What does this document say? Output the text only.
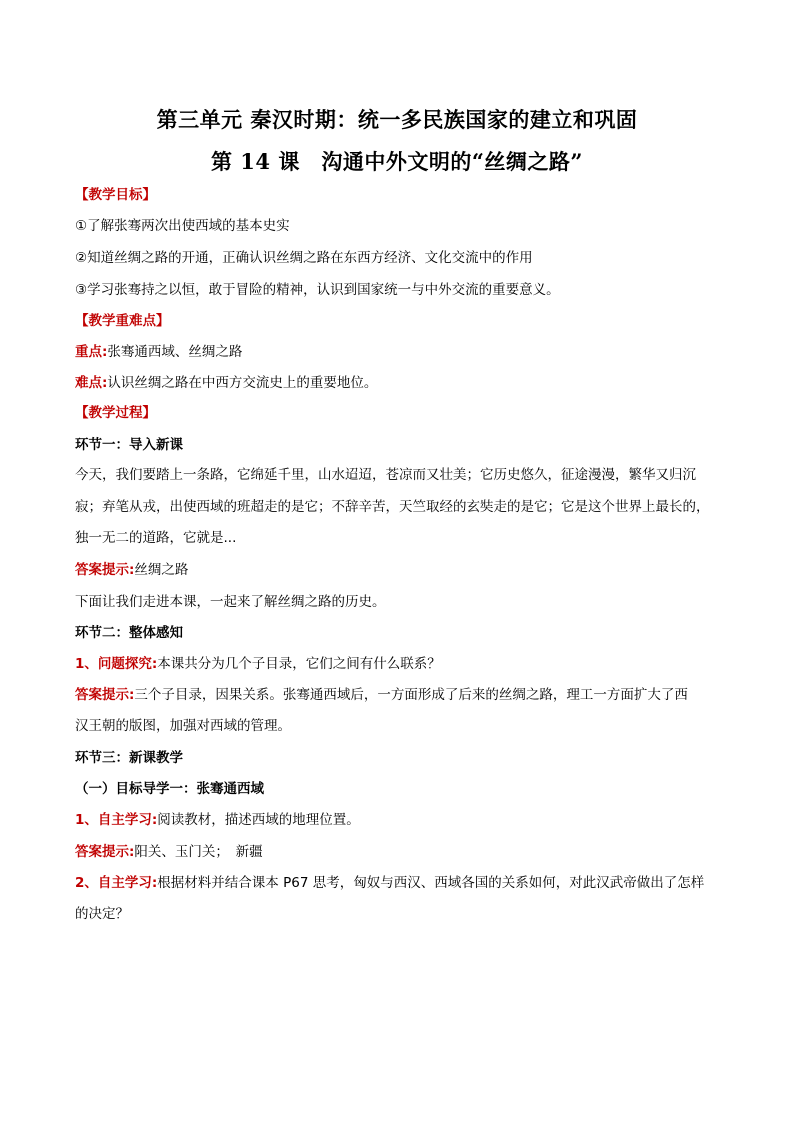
第三单元 秦汉时期：统一多民族国家的建立和巩固
第 14 课　沟通中外文明的“丝绸之路”
【 教学目标 】
①了解张骞两次出使西域的基本史实
②知道丝绸之路的开通，正确认识丝绸之路在东西方经济、文化交流中的作用
③学习张骞持之以恒，敢于冒险的精神，认识到国家统一与中外交流的重要意义。
【 教学重难点 】
重点:张骞通西域、丝绸之路
难点:认识丝绸之路在中西方交流史上的重要地位。
【 教学过程 】
环节一：导入新课
今天，我们要踏上一条路，它绵延千里，山水迢迢，苍凉而又壮美；它历史悠久，征途漫漫，繁华又归沉
寂；弃笔从戎，出使西域的班超走的是它；不辞辛苦，天竺取经的玄奘走的是它；它是这个世界上最长的，
独一无二的道路，它就是...
答案提示:丝绸之路
下面让我们走进本课，一起来了解丝绸之路的历史。
环节二：整体感知
1、问题探究:本课共分为几个子目录，它们之间有什么联系？
答案提示:三个子目录，因果关系。张骞通西域后，一方面形成了后来的丝绸之路，理工一方面扩大了西
汉王朝的版图，加强对西域的管理。
环节三：新课教学
（一）目标导学一：张骞通西域
1、自主学习:阅读教材，描述西域的地理位置。
答案提示:阳关、玉门关；　新疆
2、自主学习:根据材料并结合课本 P67 思考，匈奴与西汉、西域各国的关系如何，对此汉武帝做出了怎样
的决定？
